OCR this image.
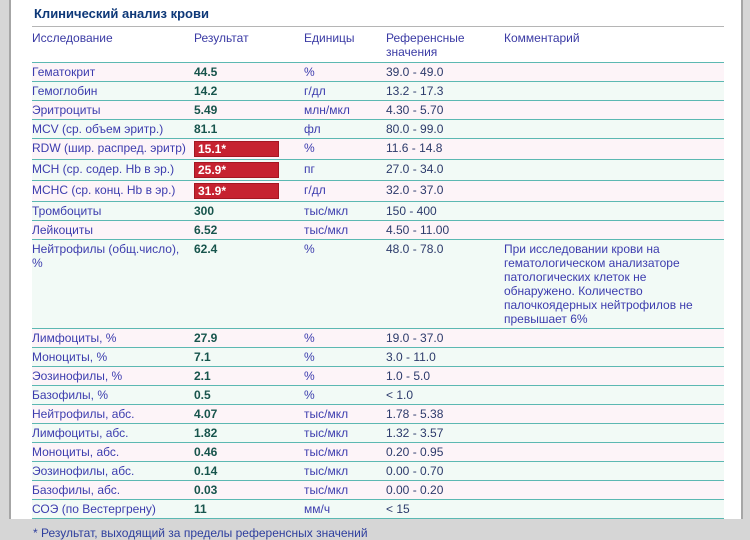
Клинический анализ крови
Исследование	Результат	Единицы	Референсные значения	Комментарий
Гематокрит	44.5	%	39.0 - 49.0	
Гемоглобин	14.2	г/дл	13.2 - 17.3	
Эритроциты	5.49	млн/мкл	4.30 - 5.70	
MCV (ср. объем эритр.)	81.1	фл	80.0 - 99.0	
RDW (шир. распред. эритр)	15.1*	%	11.6 - 14.8	
MCH (ср. содер. Hb в эр.)	25.9*	пг	27.0 - 34.0	
MCHC (ср. конц. Hb в эр.)	31.9*	г/дл	32.0 - 37.0	
Тромбоциты	300	тыс/мкл	150 - 400	
Лейкоциты	6.52	тыс/мкл	4.50 - 11.00	
Нейтрофилы (общ.число), %	62.4	%	48.0 - 78.0	При исследовании крови на гематологическом анализаторе патологических клеток не обнаружено. Количество палочкоядерных нейтрофилов не превышает 6%
Лимфоциты, %	27.9	%	19.0 - 37.0	
Моноциты, %	7.1	%	3.0 - 11.0	
Эозинофилы, %	2.1	%	1.0 - 5.0	
Базофилы, %	0.5	%	< 1.0	
Нейтрофилы, абс.	4.07	тыс/мкл	1.78 - 5.38	
Лимфоциты, абс.	1.82	тыс/мкл	1.32 - 3.57	
Моноциты, абс.	0.46	тыс/мкл	0.20 - 0.95	
Эозинофилы, абс.	0.14	тыс/мкл	0.00 - 0.70	
Базофилы, абс.	0.03	тыс/мкл	0.00 - 0.20	
СОЭ (по Вестергрену)	11	мм/ч	< 15	
* Результат, выходящий за пределы референсных значений
